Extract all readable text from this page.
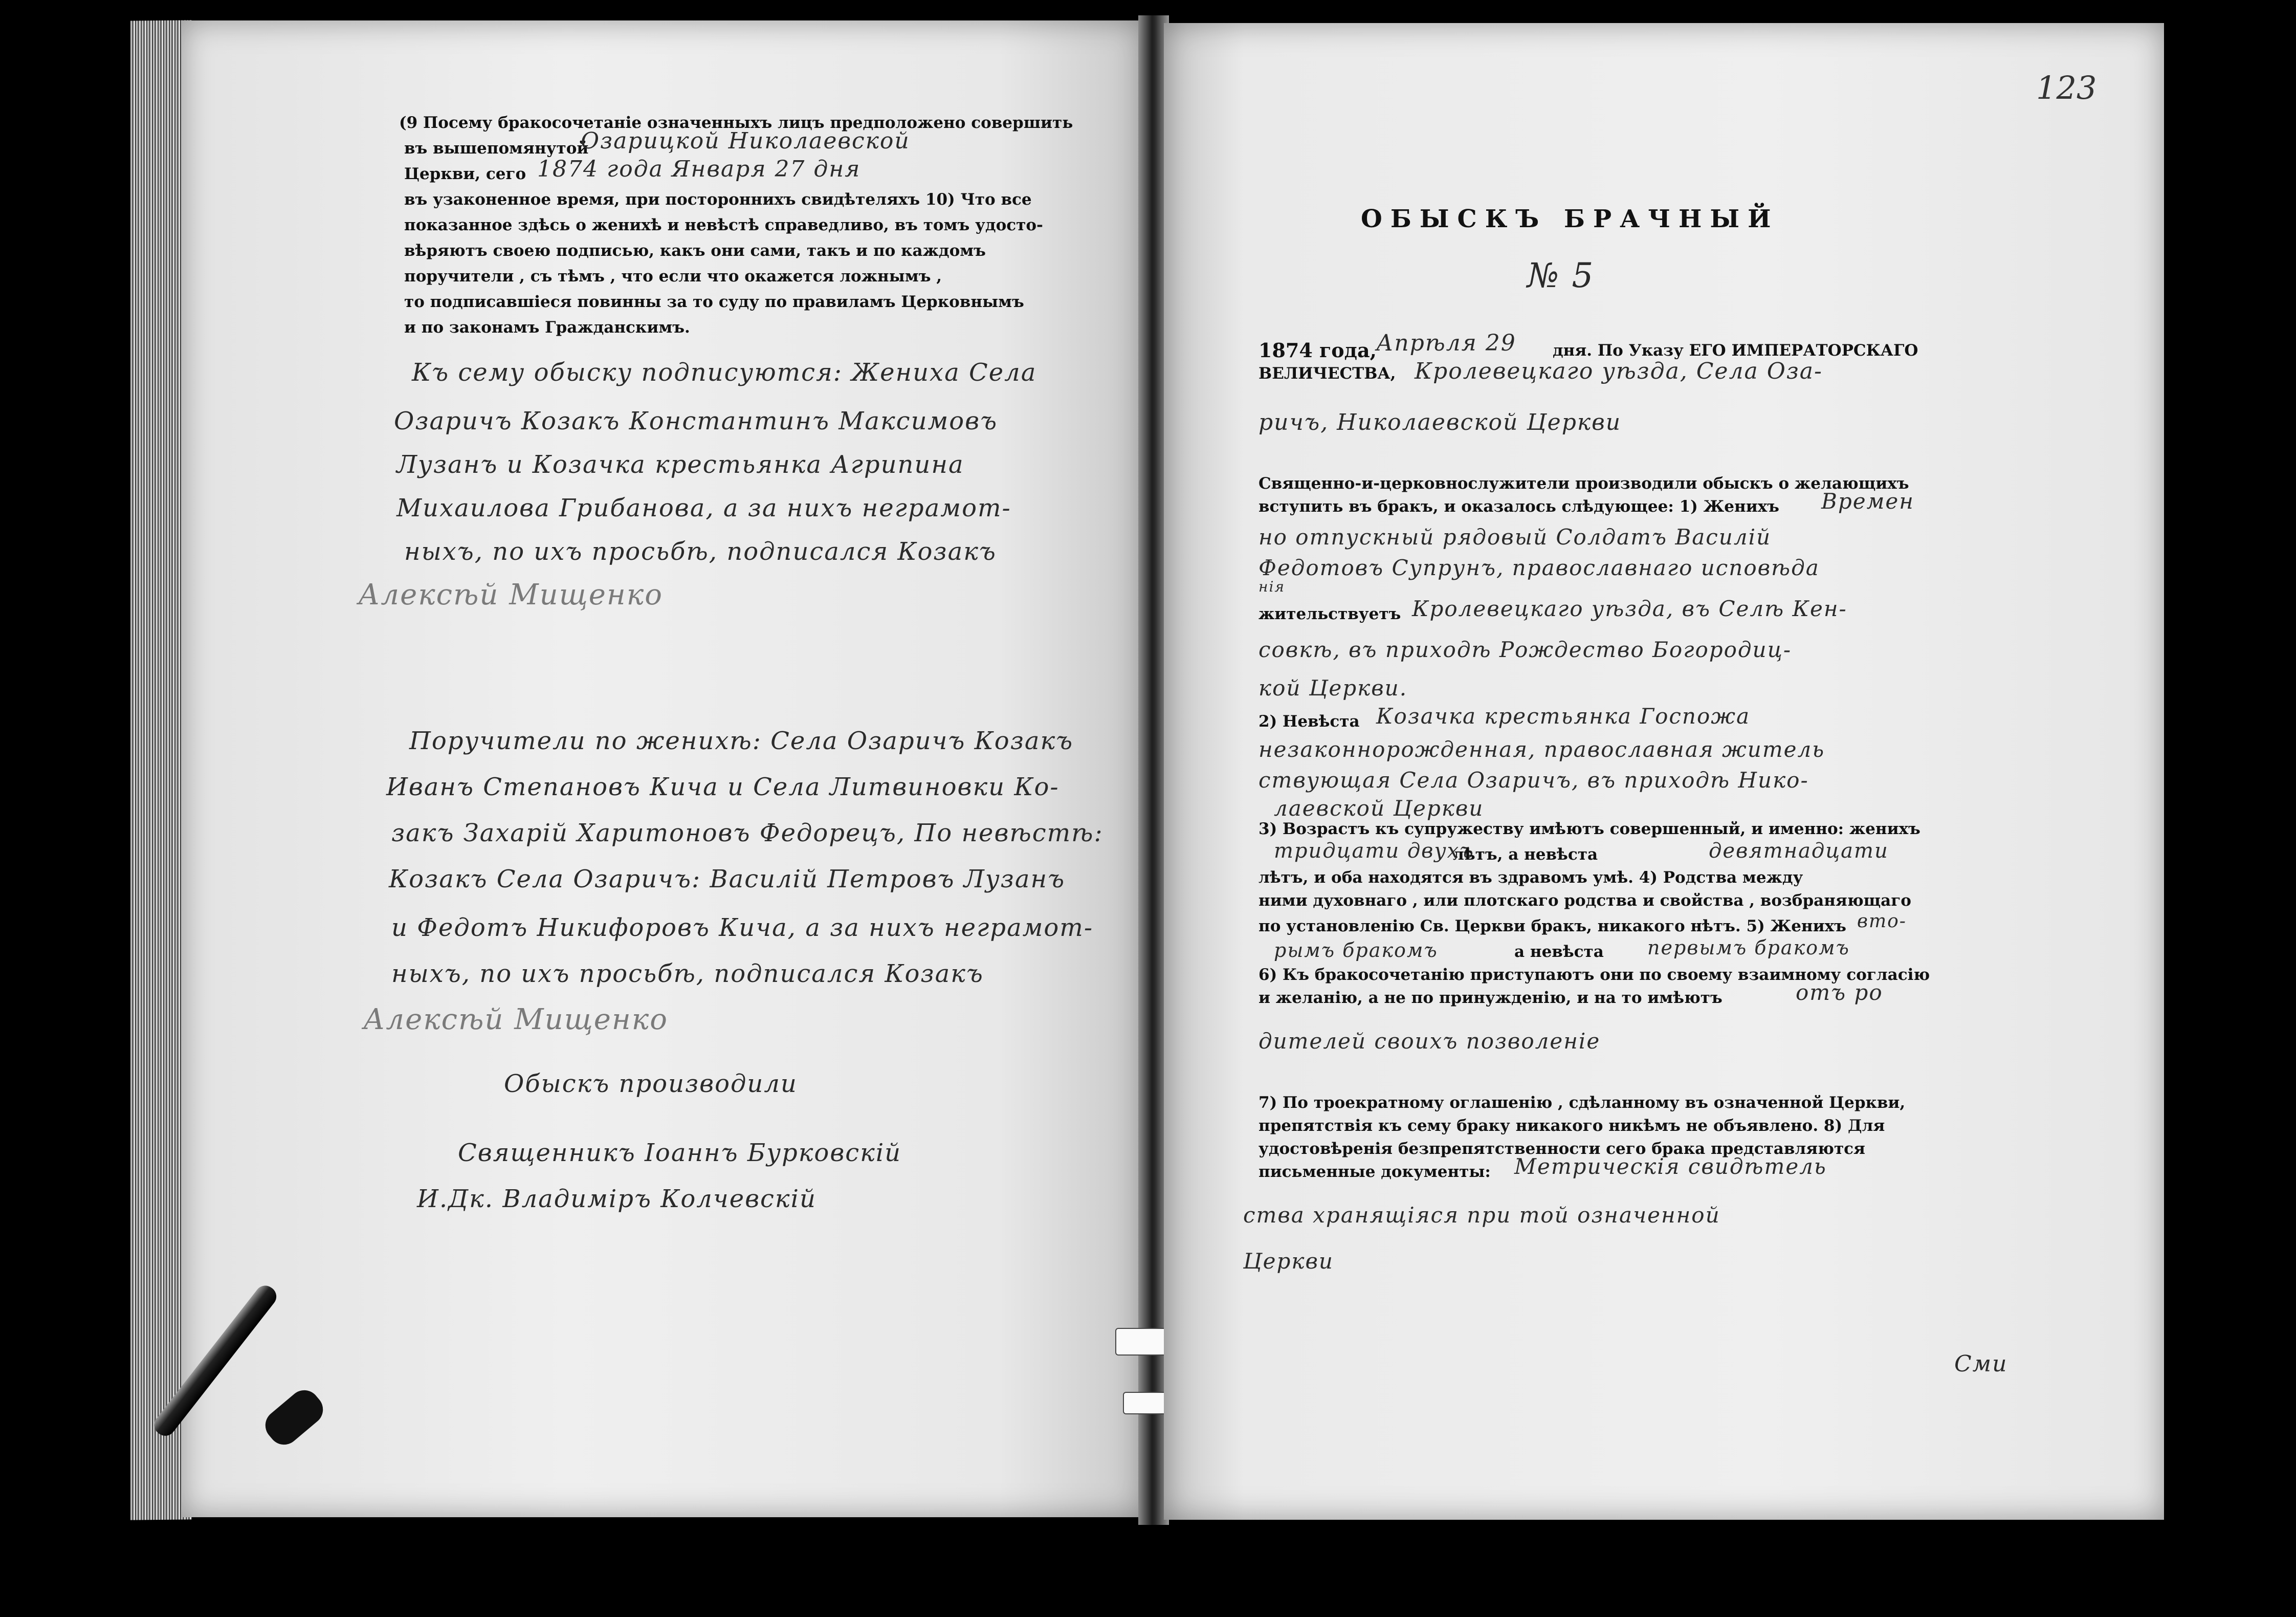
(9 Посему бракосочетаніе означенныхъ лицъ предположено совершить
въ вышепомянутой
Озарицкой Николаевской
Церкви, сего 1874 года Января 27 дня
въ узаконенное время, при постороннихъ свидѣтеляхъ 10) Что все
показанное здѣсь о женихѣ и невѣстѣ справедливо, въ томъ удосто-
вѣряютъ своею подписью, какъ они сами, такъ и по каждомъ
поручители , съ тѣмъ , что если что окажется ложнымъ ,
то подписавшіеся повинны за то суду по правиламъ Церковнымъ
и по законамъ Гражданскимъ.
Къ сему обыску подписуются: Жениха Села
Озаричъ Козакъ Константинъ Максимовъ
Лузанъ и Козачка крестьянка Агрипина
Михаилова Грибанова, а за нихъ неграмот-
ныхъ, по ихъ просьбѣ, подписался Козакъ
Алексѣй Мищенко
Поручители по женихѣ: Села Озаричъ Козакъ
Иванъ Степановъ Кича и Села Литвиновки Ко-
закъ Захарій Харитоновъ Федорецъ, По невѣстѣ:
Козакъ Села Озаричъ: Василій Петровъ Лузанъ
и Федотъ Никифоровъ Кича, а за нихъ неграмот-
ныхъ, по ихъ просьбѣ, подписался Козакъ
Алексѣй Мищенко
Обыскъ производили
Священникъ Іоаннъ Бурковскій
И.Дк. Владиміръ Колчевскій
123
ОБЫСКЪ БРАЧНЫЙ
№ 5
1874 года, Апрѣля 29 дня. По Указу ЕГО ИМПЕРАТОРСКАГО
ВЕЛИЧЕСТВА, Кролевецкаго уѣзда, Села Оза-
ричъ, Николаевской Церкви
Священно-и-церковнослужители производили обыскъ о желающихъ
вступить въ бракъ, и оказалось слѣдующее: 1) Женихъ Времен
но отпускный рядовый Солдатъ Василій
Федотовъ Супрунъ, православнаго исповѣда
нія
жительствуетъ Кролевецкаго уѣзда, въ Селѣ Кен-
совкѣ, въ приходѣ Рождество Богородиц-
кой Церкви.
2) Невѣста Козачка крестьянка Госпожа
незаконнорожденная, православная житель
ствующая Села Озаричъ, въ приходѣ Нико-
лаевской Церкви
3) Возрастъ къ супружеству имѣютъ совершенный, и именно: женихъ
тридцати двухъ
лѣтъ, а невѣста	девятнадцати
лѣтъ, и оба находятся въ здравомъ умѣ. 4) Родства между
ними духовнаго , или плотскаго родства и свойства , возбраняющаго
по установленію Св. Церкви бракъ, никакого нѣтъ. 5) Женихъ вто-
рымъ бракомъ	а невѣста первымъ бракомъ
6) Къ бракосочетанію приступаютъ они по своему взаимному согласію
и желанію, а не по принужденію, и на то имѣютъ	отъ ро
дителей своихъ позволеніе
7) По троекратному оглашенію , сдѣланному въ означенной Церкви,
препятствія къ сему браку никакого никѣмъ не объявлено. 8) Для
удостовѣренія безпрепятственности сего брака представляются
письменные документы: Метрическія свидѣтель
ства хранящіяся при той означенной
Церкви
Сми
